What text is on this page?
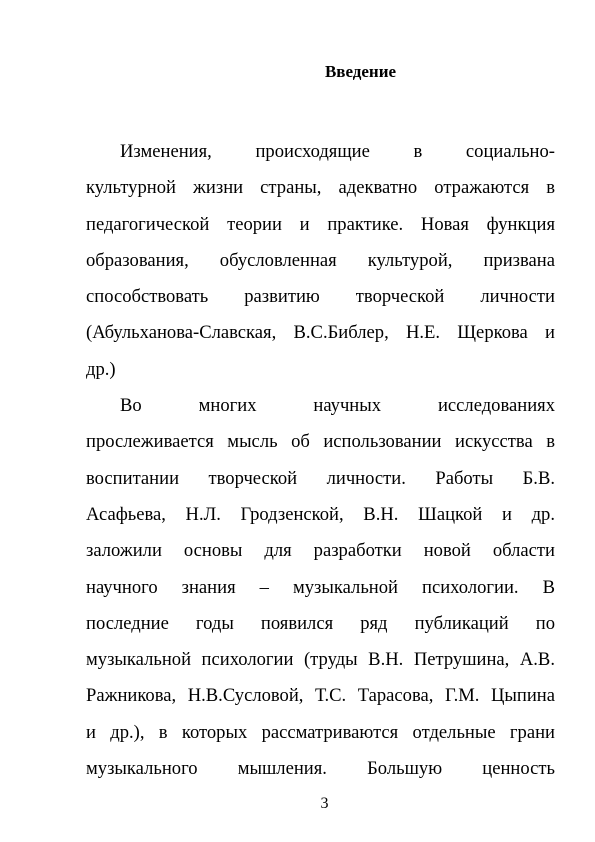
Введение
Изменения, происходящие в социально-
культурной жизни страны, адекватно отражаются в
педагогической теории и практике. Новая функция
образования, обусловленная культурой, призвана
способствовать развитию творческой личности
(Абульханова-Славская, В.С.Библер, Н.Е. Щеркова и
др.)
Во многих научных исследованиях
прослеживается мысль об использовании искусства в
воспитании творческой личности. Работы Б.В.
Асафьева, Н.Л. Гродзенской, В.Н. Шацкой и др.
заложили основы для разработки новой области
научного знания – музыкальной психологии. В
последние годы появился ряд публикаций по
музыкальной психологии (труды В.Н. Петрушина, А.В.
Ражникова, Н.В.Сусловой, Т.С. Тарасова, Г.М. Цыпина
и др.), в которых рассматриваются отдельные грани
музыкального мышления. Большую ценность
3
